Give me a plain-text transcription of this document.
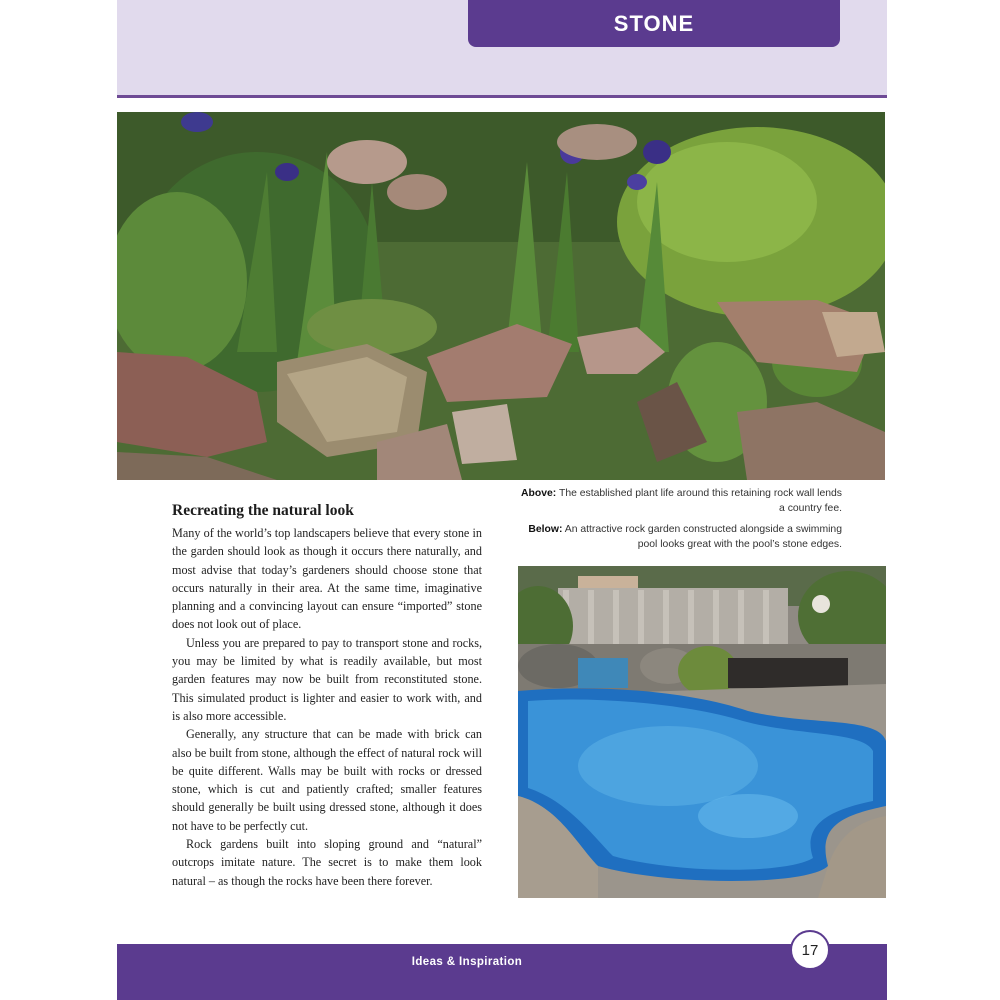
STONE
Recreating the natural look

Many of the world’s top landscapers believe that every stone in the garden should look as though it occurs there naturally, and most advise that today’s gardeners should choose stone that occurs naturally in their area. At the same time, imaginative planning and a convincing layout can ensure “imported” stone does not look out of place.

Unless you are prepared to pay to transport stone and rocks, you may be limited by what is readily available, but most garden features may now be built from reconstituted stone. This simulated product is lighter and easier to work with, and is also more accessible.

Generally, any structure that can be made with brick can also be built from stone, although the effect of natural rock will be quite different. Walls may be built with rocks or dressed stone, which is cut and patiently crafted; smaller features should generally be built using dressed stone, although it does not have to be perfectly cut.

Rock gardens built into sloping ground and “natural” outcrops imitate nature. The secret is to make them look natural – as though the rocks have been there forever.

Above: The established plant life around this retaining rock wall lends a country fee.

Below: An attractive rock garden constructed alongside a swimming pool looks great with the pool’s stone edges.

Ideas & Inspiration
17
